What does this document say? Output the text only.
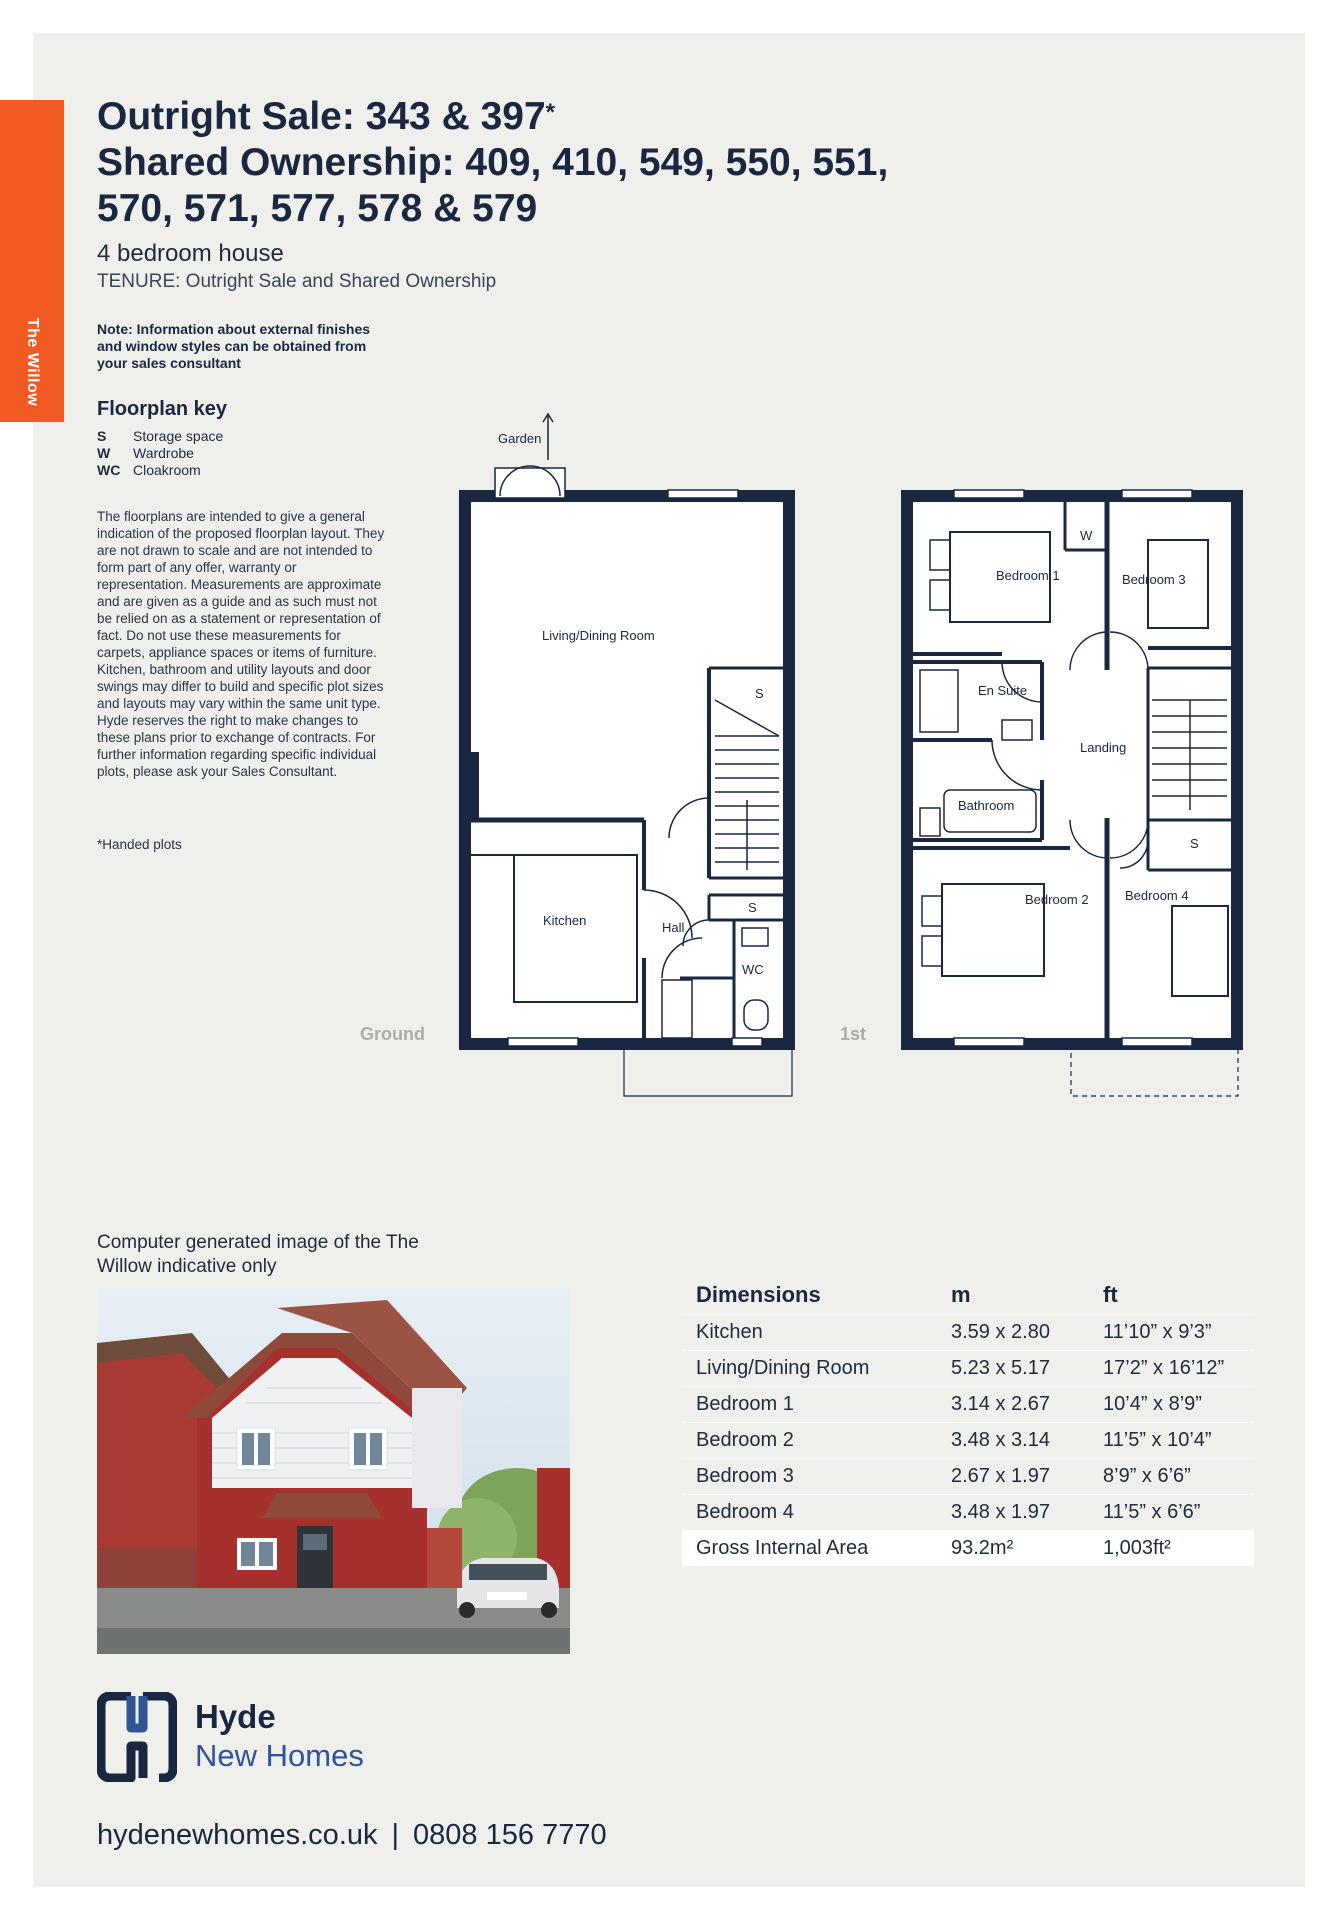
The Willow
Outright Sale: 343 & 397*
Shared Ownership: 409, 410, 549, 550, 551,
570, 571, 577, 578 & 579
4 bedroom house
TENURE: Outright Sale and Shared Ownership
Note: Information about external finishes and window styles can be obtained from your sales consultant
Floorplan key
S	Storage space
W	Wardrobe
WC Cloakroom
The floorplans are intended to give a general indication of the proposed floorplan layout. They are not drawn to scale and are not intended to form part of any offer, warranty or representation. Measurements are approximate and are given as a guide and as such must not be relied on as a statement or representation of fact. Do not use these measurements for carpets, appliance spaces or items of furniture. Kitchen, bathroom and utility layouts and door swings may differ to build and specific plot sizes and layouts may vary within the same unit type. Hyde reserves the right to make changes to these plans prior to exchange of contracts. For further information regarding specific individual plots, please ask your Sales Consultant.
*Handed plots
Garden
Living/Dining Room
Kitchen	Hall
WC
S
S
Ground
Bedroom 1
W
Bedroom 3
En Suite
Landing
Bathroom
S
Bedroom 2	Bedroom 4
1st
Computer generated image of the The Willow indicative only
Dimensions	m	ft
Kitchen	3.59 x 2.80	11’10” x 9’3”
Living/Dining Room	5.23 x 5.17	17’2” x 16’12”
Bedroom 1	3.14 x 2.67	10’4” x 8’9”
Bedroom 2	3.48 x 3.14	11’5” x 10’4”
Bedroom 3	2.67 x 1.97	8’9” x 6’6”
Bedroom 4	3.48 x 1.97	11’5” x 6’6”
Gross Internal Area	93.2m²	1,003ft²
Hyde
New Homes
hydenewhomes.co.uk | 0808 156 7770
